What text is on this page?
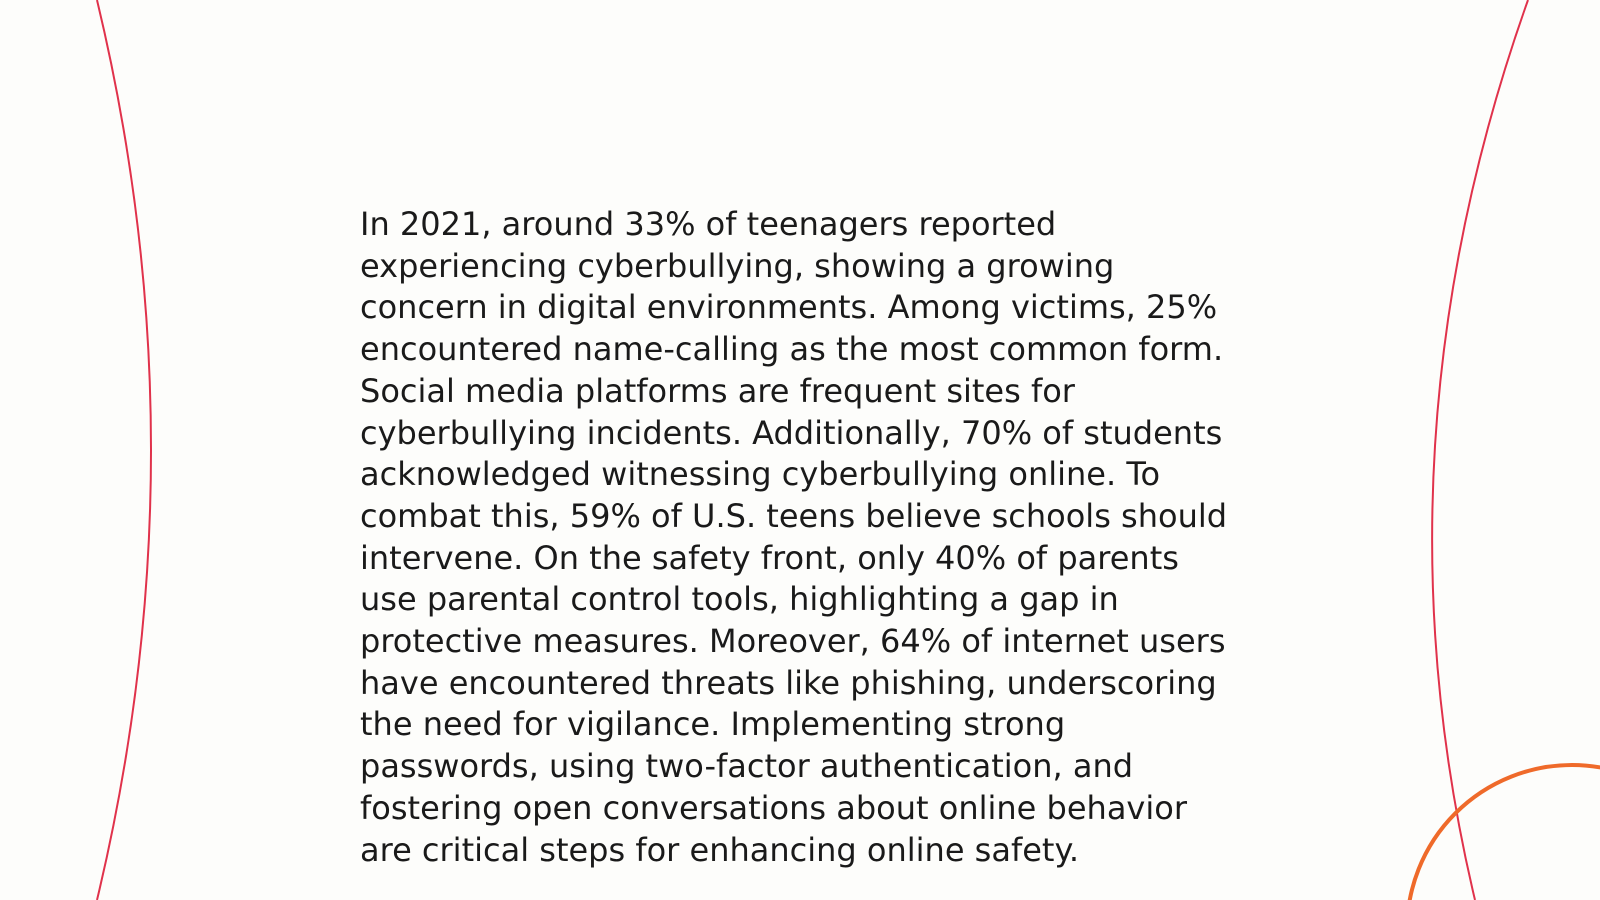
In 2021, around 33% of teenagers reported
experiencing cyberbullying, showing a growing
concern in digital environments. Among victims, 25%
encountered name-calling as the most common form.
Social media platforms are frequent sites for
cyberbullying incidents. Additionally, 70% of students
acknowledged witnessing cyberbullying online. To
combat this, 59% of U.S. teens believe schools should
intervene. On the safety front, only 40% of parents
use parental control tools, highlighting a gap in
protective measures. Moreover, 64% of internet users
have encountered threats like phishing, underscoring
the need for vigilance. Implementing strong
passwords, using two-factor authentication, and
fostering open conversations about online behavior
are critical steps for enhancing online safety.
